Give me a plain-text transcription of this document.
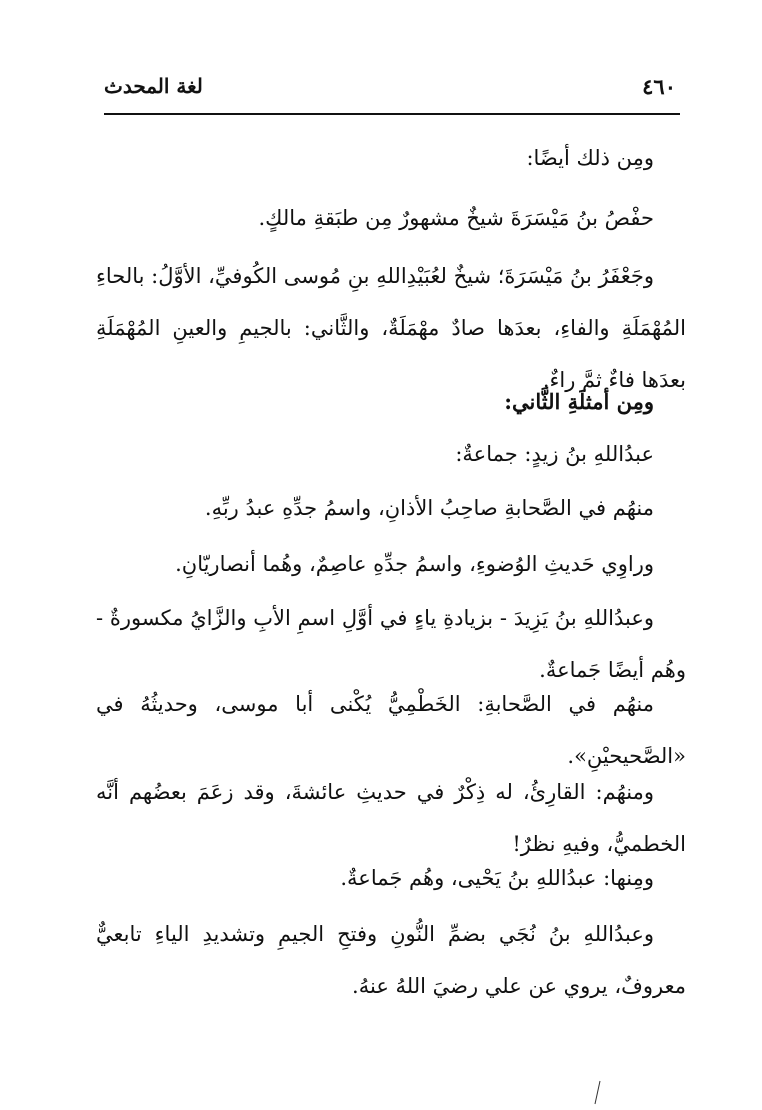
لغة المحدث	٤٦٠
ومِن ذلك أيضًا:
حفْصُ بنُ مَيْسَرَةَ شيخٌ مشهورٌ مِن طبَقةِ مالكٍ.
وجَعْفَرُ بنُ مَيْسَرَةَ؛ شيخٌ لعُبَيْدِاللهِ بنِ مُوسى الكُوفيِّ، الأوَّلُ: بالحاءِ المُهْمَلَةِ والفاءِ، بعدَها صادٌ مهْمَلَةٌ، والثَّاني: بالجيمِ والعينِ المُهْمَلَةِ بعدَها فاءٌ ثمَّ راءٌ.
ومِن أمثلَةِ الثَّاني:
عبدُاللهِ بنُ زيدٍ: جماعةٌ:
منهُم في الصَّحابةِ صاحِبُ الأذانِ، واسمُ جدِّهِ عبدُ ربِّهِ.
وراوِي حَديثِ الوُضوءِ، واسمُ جدِّهِ عاصِمٌ، وهُما أنصاريّانِ.
وعبدُاللهِ بنُ يَزِيدَ - بزيادةِ ياءٍ في أوَّلِ اسمِ الأبِ والزَّايُ مكسورةٌ - وهُم أيضًا جَماعةٌ.
منهُم في الصَّحابةِ: الخَطْمِيُّ يُكْنى أبا موسى، وحديثُهُ في «الصَّحيحيْنِ».
ومنهُم: القارِئُ، له ذِكْرٌ في حديثِ عائشةَ، وقد زعَمَ بعضُهم أنَّه الخطميُّ، وفيهِ نظرٌ!
ومِنها: عبدُاللهِ بنُ يَحْيى، وهُم جَماعةٌ.
وعبدُاللهِ بنُ نُجَي بضمِّ النُّونِ وفتحِ الجيمِ وتشديدِ الياءِ تابعيٌّ معروفٌ، يروي عن علي رضيَ اللهُ عنهُ.
